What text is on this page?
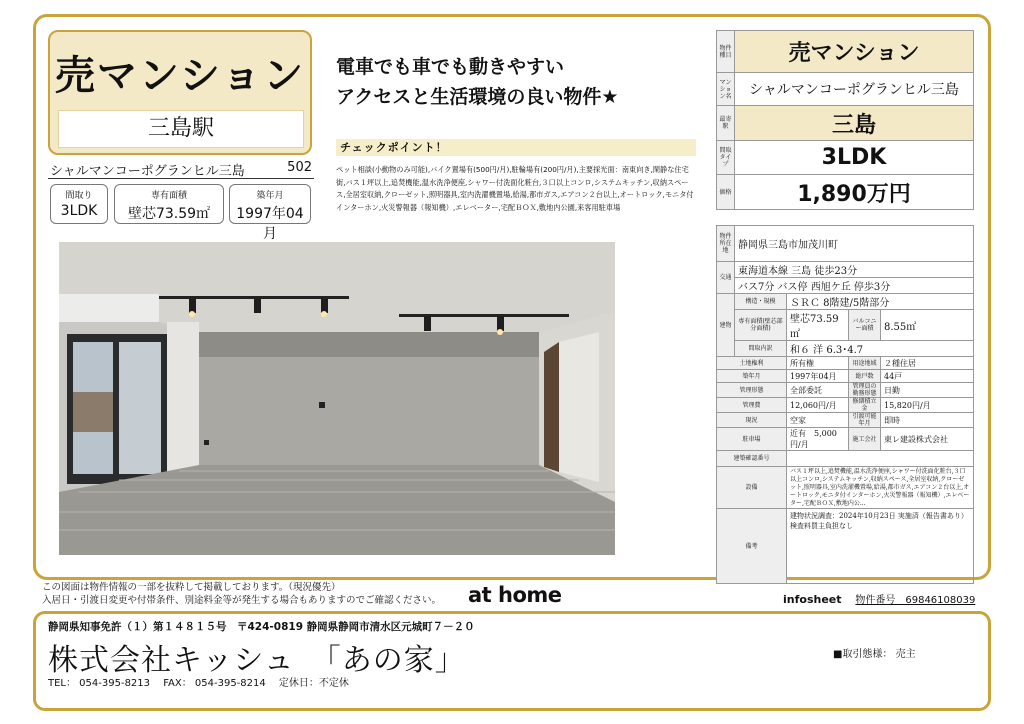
売マンション
三島駅
シャルマンコーポグランヒル三島	502
間取り
3LDK
専有面積
壁芯73.59㎡
築年月
1997年04月
電車でも車でも動きやすい
アクセスと生活環境の良い物件★
チェックポイント！
ペット相談(小動物のみ可能),バイク置場有(500円/月),駐輪場有(200円/月),主要採光面：南東向き,閑静な住宅街,バス１坪以上,追焚機能,温水洗浄便座,シャワー付洗面化粧台,３口以上コンロ,システムキッチン,収納スペース,全居室収納,クローゼット,照明器具,室内洗濯機置場,給湯,都市ガス,エアコン２台以上,オートロック,モニタ付インターホン,火災警報器（報知機）,エレベーター,宅配ＢＯＸ,敷地内公園,来客用駐車場
物件種目	売マンション
マンション名	シャルマンコーポグランヒル三島
最寄駅	三島
間取タイプ	3LDK
価格	1,890万円
物件所在地	静岡県三島市加茂川町			
交通	東海道本線 三島 徒歩23分			
	バス7分 バス停 西旭ケ丘 停歩3分			
建物	構造・規模	ＳＲＣ 8階建/5階部分		
	専有面積(壁芯部分面積)	壁芯73.59㎡	バルコニー面積	8.55㎡
	間取内訳	和６ 洋 6.3･4.7		
土地権利		所有権	用途地域	２種住居
築年月		1997年04月	総戸数	44戸
管理形態		全部委託	管理員の勤務形態	日勤
管理費		12,060円/月	修繕積立金	15,820円/月
現況		空家	引渡可能年月	即時
駐車場		近有　5,000円/月	施工会社	東レ建設株式会社
建築確認番号				
設備		バス１坪以上,追焚機能,温水洗浄便座,シャワー付洗面化粧台,３口以上コンロ,システムキッチン,収納スペース,全居室収納,クローゼット,照明器具,室内洗濯機置場,給湯,都市ガス,エアコン２台以上,オートロック,モニタ付インターホン,火災警報器（報知機）,エレベーター,宅配ＢＯＸ,敷地内公...		
備考		建物状況調査：2024年10月23日 実施済（報告書あり） 検査料買主負担なし		
この図面は物件情報の一部を抜粋して掲載しております。（現況優先）
入居日・引渡日変更や付帯条件、別途料金等が発生する場合もありますのでご確認ください。 at home	infosheet 物件番号　69846108039
静岡県知事免許（１）第１４８１５号　〒424-0819 静岡県静岡市清水区元城町７－２０
株式会社キッシュ　「あの家」	■取引態様： 売主
TEL： 054-395-8213　 FAX： 054-395-8214　 定休日：不定休
